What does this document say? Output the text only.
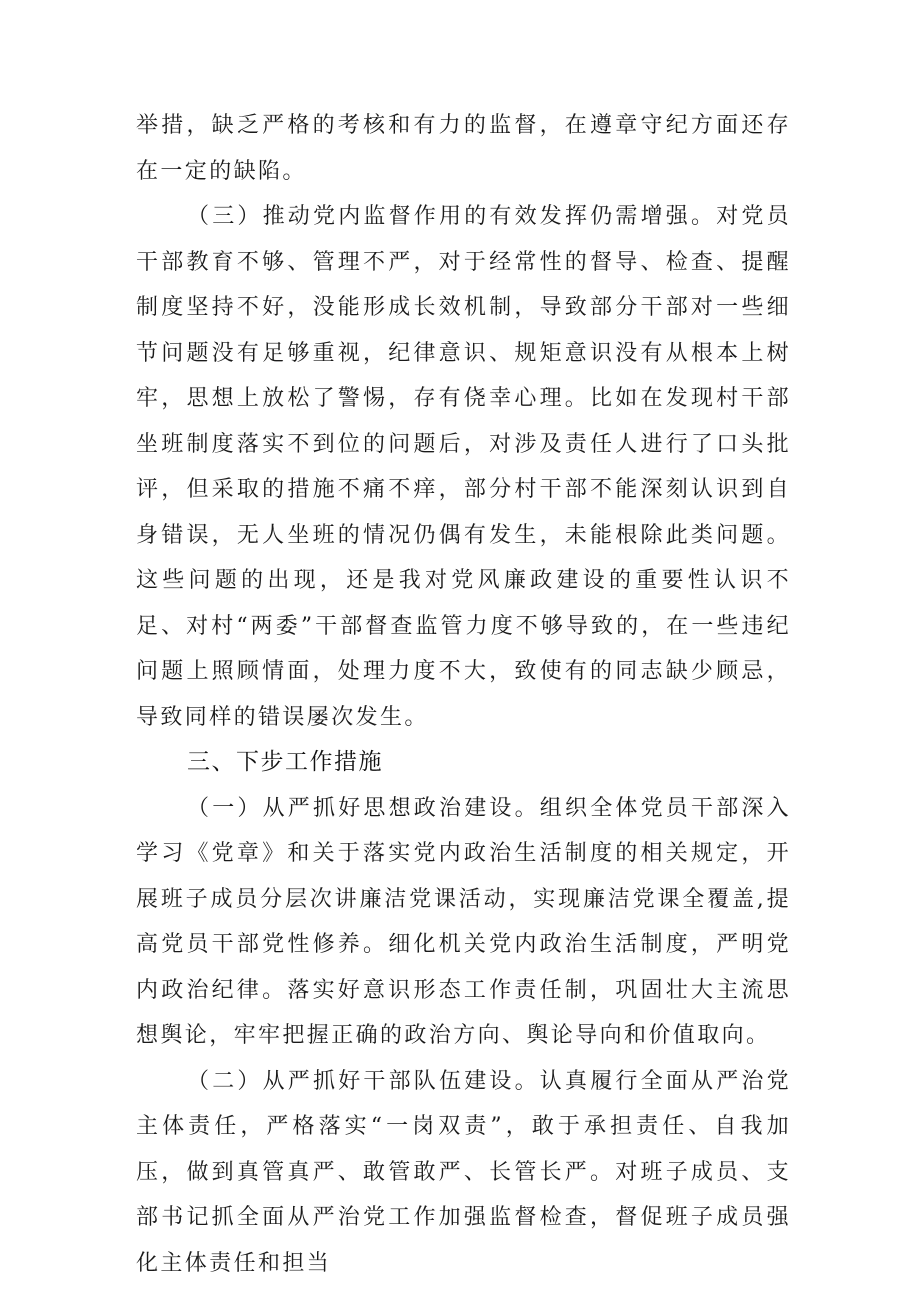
举措，缺乏严格的考核和有力的监督，在遵章守纪方面还存在一定的缺陷。

（三）推动党内监督作用的有效发挥仍需增强。对党员干部教育不够、管理不严，对于经常性的督导、检查、提醒制度坚持不好，没能形成长效机制，导致部分干部对一些细节问题没有足够重视，纪律意识、规矩意识没有从根本上树牢，思想上放松了警惕，存有侥幸心理。比如在发现村干部坐班制度落实不到位的问题后，对涉及责任人进行了口头批评，但采取的措施不痛不痒，部分村干部不能深刻认识到自身错误，无人坐班的情况仍偶有发生，未能根除此类问题。这些问题的出现，还是我对党风廉政建设的重要性认识不足、对村“两委”干部督查监管力度不够导致的，在一些违纪问题上照顾情面，处理力度不大，致使有的同志缺少顾忌，导致同样的错误屡次发生。

三、下步工作措施

（一）从严抓好思想政治建设。组织全体党员干部深入学习《党章》和关于落实党内政治生活制度的相关规定，开展班子成员分层次讲廉洁党课活动，实现廉洁党课全覆盖,提高党员干部党性修养。细化机关党内政治生活制度，严明党内政治纪律。落实好意识形态工作责任制，巩固壮大主流思想舆论，牢牢把握正确的政治方向、舆论导向和价值取向。

（二）从严抓好干部队伍建设。认真履行全面从严治党主体责任，严格落实“一岗双责”，敢于承担责任、自我加压，做到真管真严、敢管敢严、长管长严。对班子成员、支部书记抓全面从严治党工作加强监督检查，督促班子成员强化主体责任和担当
